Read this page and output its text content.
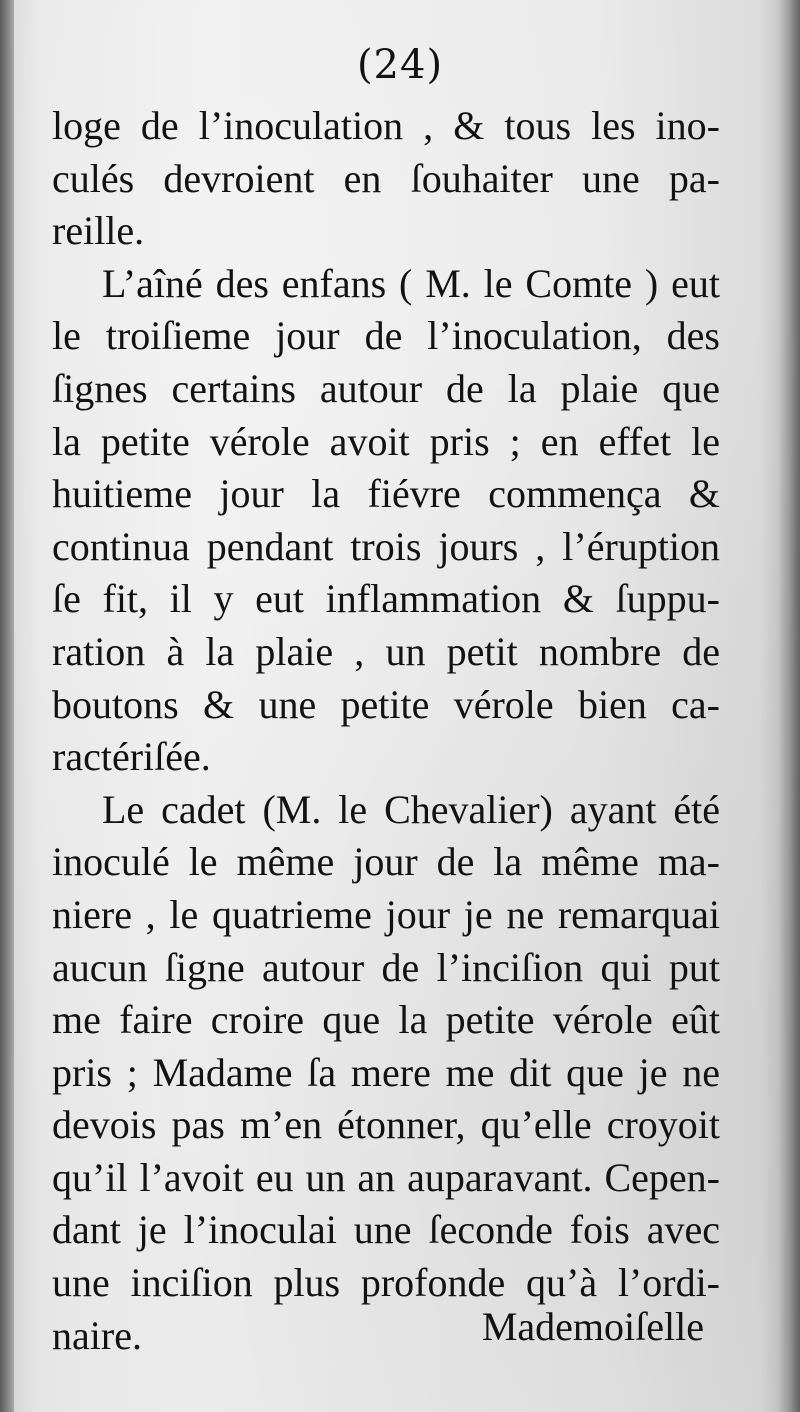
(24)
loge de l’inoculation , & tous les ino-
culés devroient en ſouhaiter une pa-
reille.
L’aîné des enfans ( M. le Comte ) eut
le troiſieme jour de l’inoculation, des
ſignes certains autour de la plaie que
la petite vérole avoit pris ; en effet le
huitieme jour la fiévre commença &
continua pendant trois jours , l’éruption
ſe fit, il y eut inflammation & ſuppu-
ration à la plaie , un petit nombre de
boutons & une petite vérole bien ca-
ractériſée.
Le cadet (M. le Chevalier) ayant été
inoculé le même jour de la même ma-
niere , le quatrieme jour je ne remarquai
aucun ſigne autour de l’inciſion qui put
me faire croire que la petite vérole eût
pris ; Madame ſa mere me dit que je ne
devois pas m’en étonner, qu’elle croyoit
qu’il l’avoit eu un an auparavant. Cepen-
dant je l’inoculai une ſeconde fois avec
une inciſion plus profonde qu’à l’ordi-
naire.	Mademoiſelle
